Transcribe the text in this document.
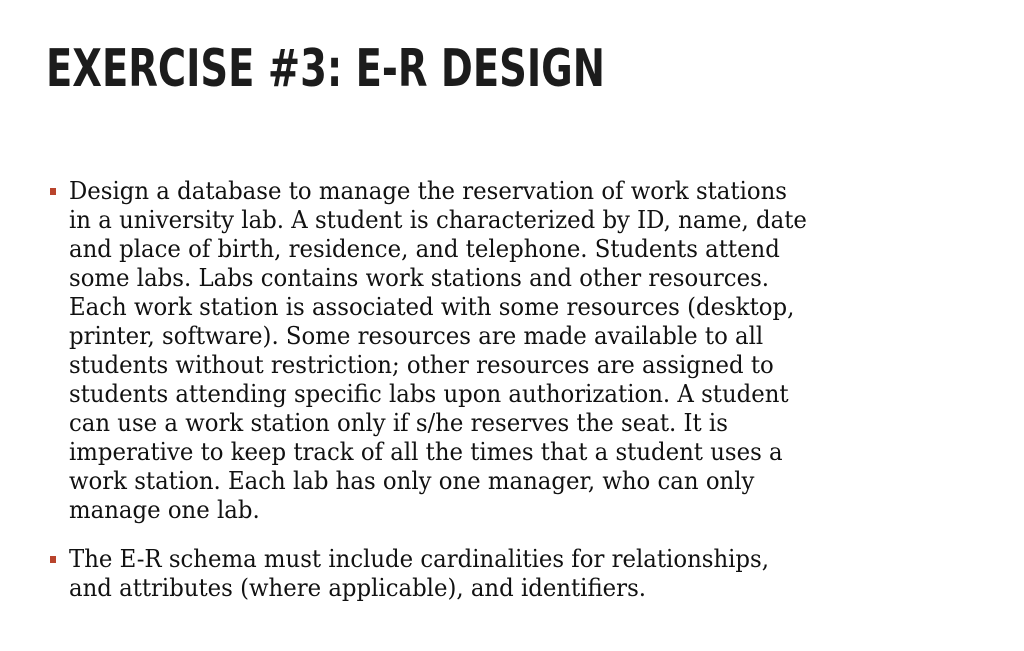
EXERCISE #3: E-R DESIGN

Design a database to manage the reservation of work stations
in a university lab. A student is characterized by ID, name, date
and place of birth, residence, and telephone. Students attend
some labs. Labs contains work stations and other resources.
Each work station is associated with some resources (desktop,
printer, software). Some resources are made available to all
students without restriction; other resources are assigned to
students attending specific labs upon authorization. A student
can use a work station only if s/he reserves the seat. It is
imperative to keep track of all the times that a student uses a
work station. Each lab has only one manager, who can only
manage one lab.

The E-R schema must include cardinalities for relationships,
and attributes (where applicable), and identifiers.
